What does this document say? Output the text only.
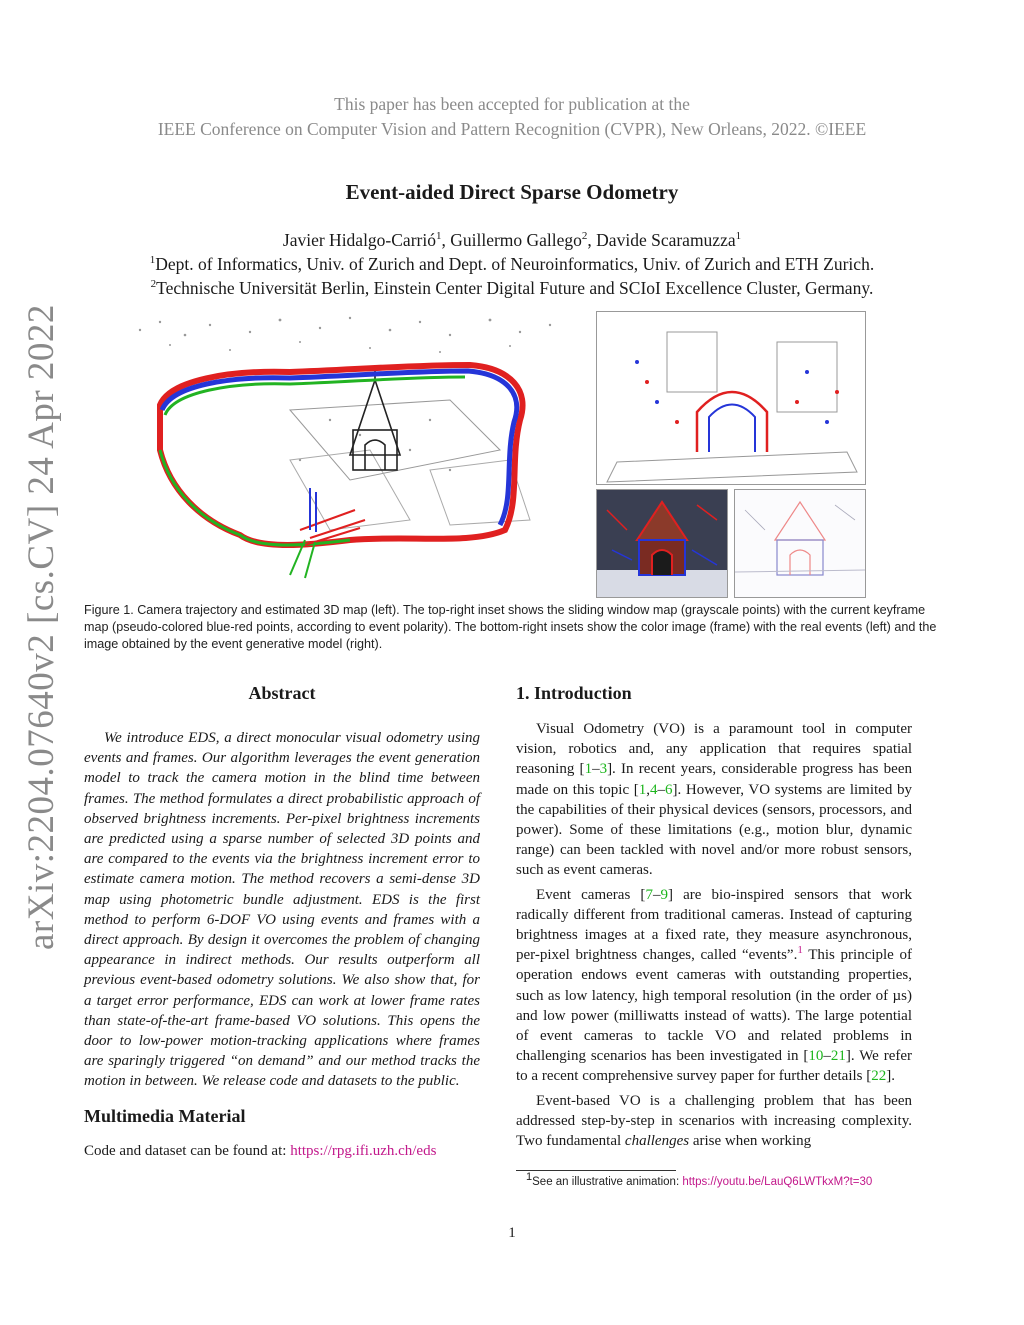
This paper has been accepted for publication at the
IEEE Conference on Computer Vision and Pattern Recognition (CVPR), New Orleans, 2022. ©IEEE
Event-aided Direct Sparse Odometry
Javier Hidalgo-Carrió$^1$, Guillermo Gallego$^2$, Davide Scaramuzza$^1$
$^1$Dept. of Informatics, Univ. of Zurich and Dept. of Neuroinformatics, Univ. of Zurich and ETH Zurich.
$^2$Technische Universität Berlin, Einstein Center Digital Future and SCIoI Excellence Cluster, Germany.
arXiv:2204.07640v2 [cs.CV] 24 Apr 2022 Figure 1. Camera trajectory and estimated 3D map (left). The top-right inset shows the sliding window map (grayscale points) with the current keyframe map (pseudo-colored blue-red points, according to event polarity). The bottom-right insets show the color image (frame) with the real events (left) and the image obtained by the event generative model (right).
Abstract

We introduce EDS, a direct monocular visual odometry using events and frames. Our algorithm leverages the event generation model to track the camera motion in the blind time between frames. The method formulates a direct probabilistic approach of observed brightness increments. Per-pixel brightness increments are predicted using a sparse number of selected 3D points and are compared to the events via the brightness increment error to estimate camera motion. The method recovers a semi-dense 3D map using photometric bundle adjustment. EDS is the first method to perform 6-DOF VO using events and frames with a direct approach. By design it overcomes the problem of changing appearance in indirect methods. Our results outperform all previous event-based odometry solutions. We also show that, for a target error performance, EDS can work at lower frame rates than state-of-the-art frame-based VO solutions. This opens the door to low-power motion-tracking applications where frames are sparingly triggered “on demand” and our method tracks the motion in between. We release code and datasets to the public.

Multimedia Material

Code and dataset can be found at: https://rpg.ifi.uzh.ch/eds

1. Introduction

Visual Odometry (VO) is a paramount tool in computer vision, robotics and, any application that requires spatial reasoning [1–3]. In recent years, considerable progress has been made on this topic [1,4–6]. However, VO systems are limited by the capabilities of their physical devices (sensors, processors, and power). Some of these limitations (e.g., motion blur, dynamic range) can been tackled with novel and/or more robust sensors, such as event cameras.

Event cameras [7–9] are bio-inspired sensors that work radically different from traditional cameras. Instead of capturing brightness images at a fixed rate, they measure asynchronous, per-pixel brightness changes, called “events”.$^1$ This principle of operation endows event cameras with outstanding properties, such as low latency, high temporal resolution (in the order of µs) and low power (milliwatts instead of watts). The large potential of event cameras to tackle VO and related problems in challenging scenarios has been investigated in [10–21]. We refer to a recent comprehensive survey paper for further details [22].

Event-based VO is a challenging problem that has been addressed step-by-step in scenarios with increasing complexity. Two fundamental challenges arise when working

$^1$See an illustrative animation: https://youtu.be/LauQ6LWTkxM?t=30
1
